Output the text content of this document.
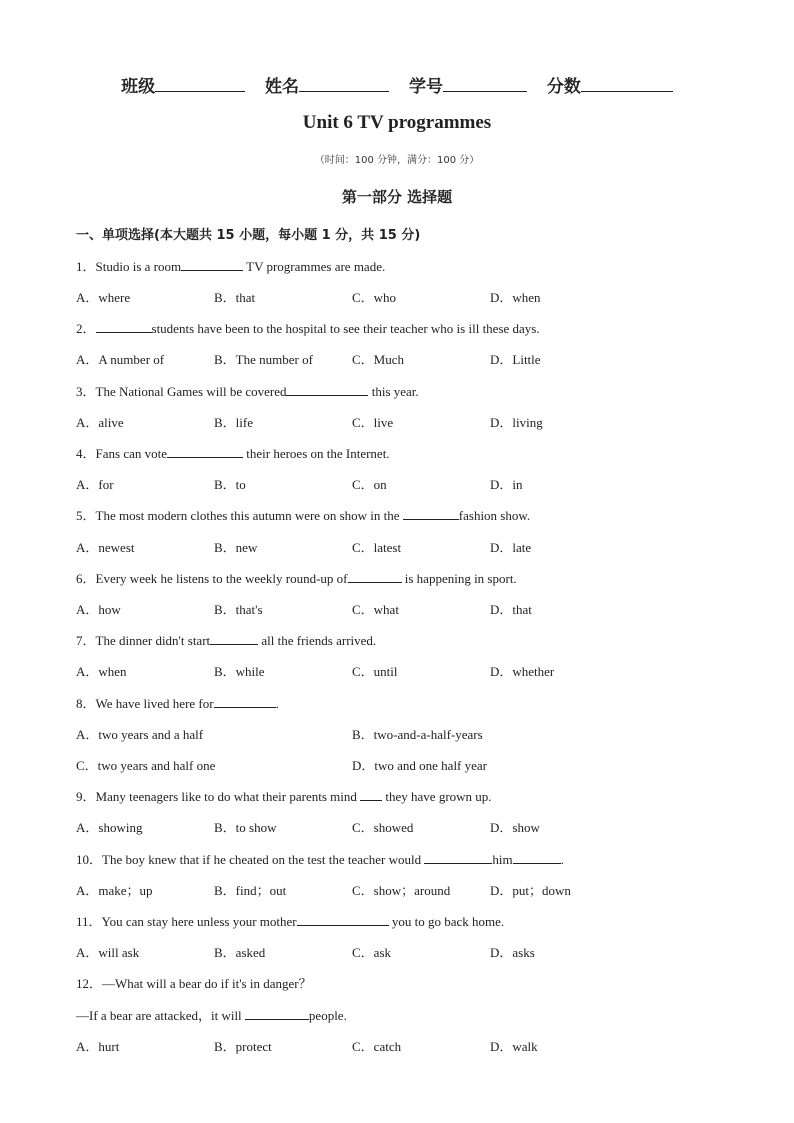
班级	姓名	学号	分数
Unit 6 TV programmes
（时间：100 分钟，满分：100 分）
第一部分 选择题
一、单项选择(本大题共 15 小题，每小题 1 分，共 15 分)
1．Studio is a room	TV programmes are made.
A．where	B．that	C．who	D．when
2．	students have been to the hospital to see their teacher who is ill these days.
A．A number of	B．The number of	C．Much	D．Little
3．The National Games will be covered	this year.
A．alive	B．life	C．live	D．living
4．Fans can vote	their heroes on the Internet.
A．for	B．to	C．on	D．in
5．The most modern clothes this autumn were on show in the	fashion show.
A．newest	B．new	C．latest	D．late
6．Every week he listens to the weekly round-up of	is happening in sport.
A．how	B．that's	C．what	D．that
7．The dinner didn't start	all the friends arrived.
A．when	B．while	C．until	D．whether
8．We have lived here for	.
A．two years and a half	B．two-and-a-half-years
C．two years and half one	D．two and one half year
9．Many teenagers like to do what their parents mind  they have grown up.
A．showing	B．to show	C．showed	D．show
10．The boy knew that if he cheated on the test the teacher would	him	.
A．make；up	B．find；out	C．show；around	D．put；down
11．You can stay here unless your mother	you to go back home.
A．will ask	B．asked	C．ask	D．asks
12．—What will a bear do if it's in danger？
—If a bear are attacked，it will	people.
A．hurt	B．protect	C．catch	D．walk
